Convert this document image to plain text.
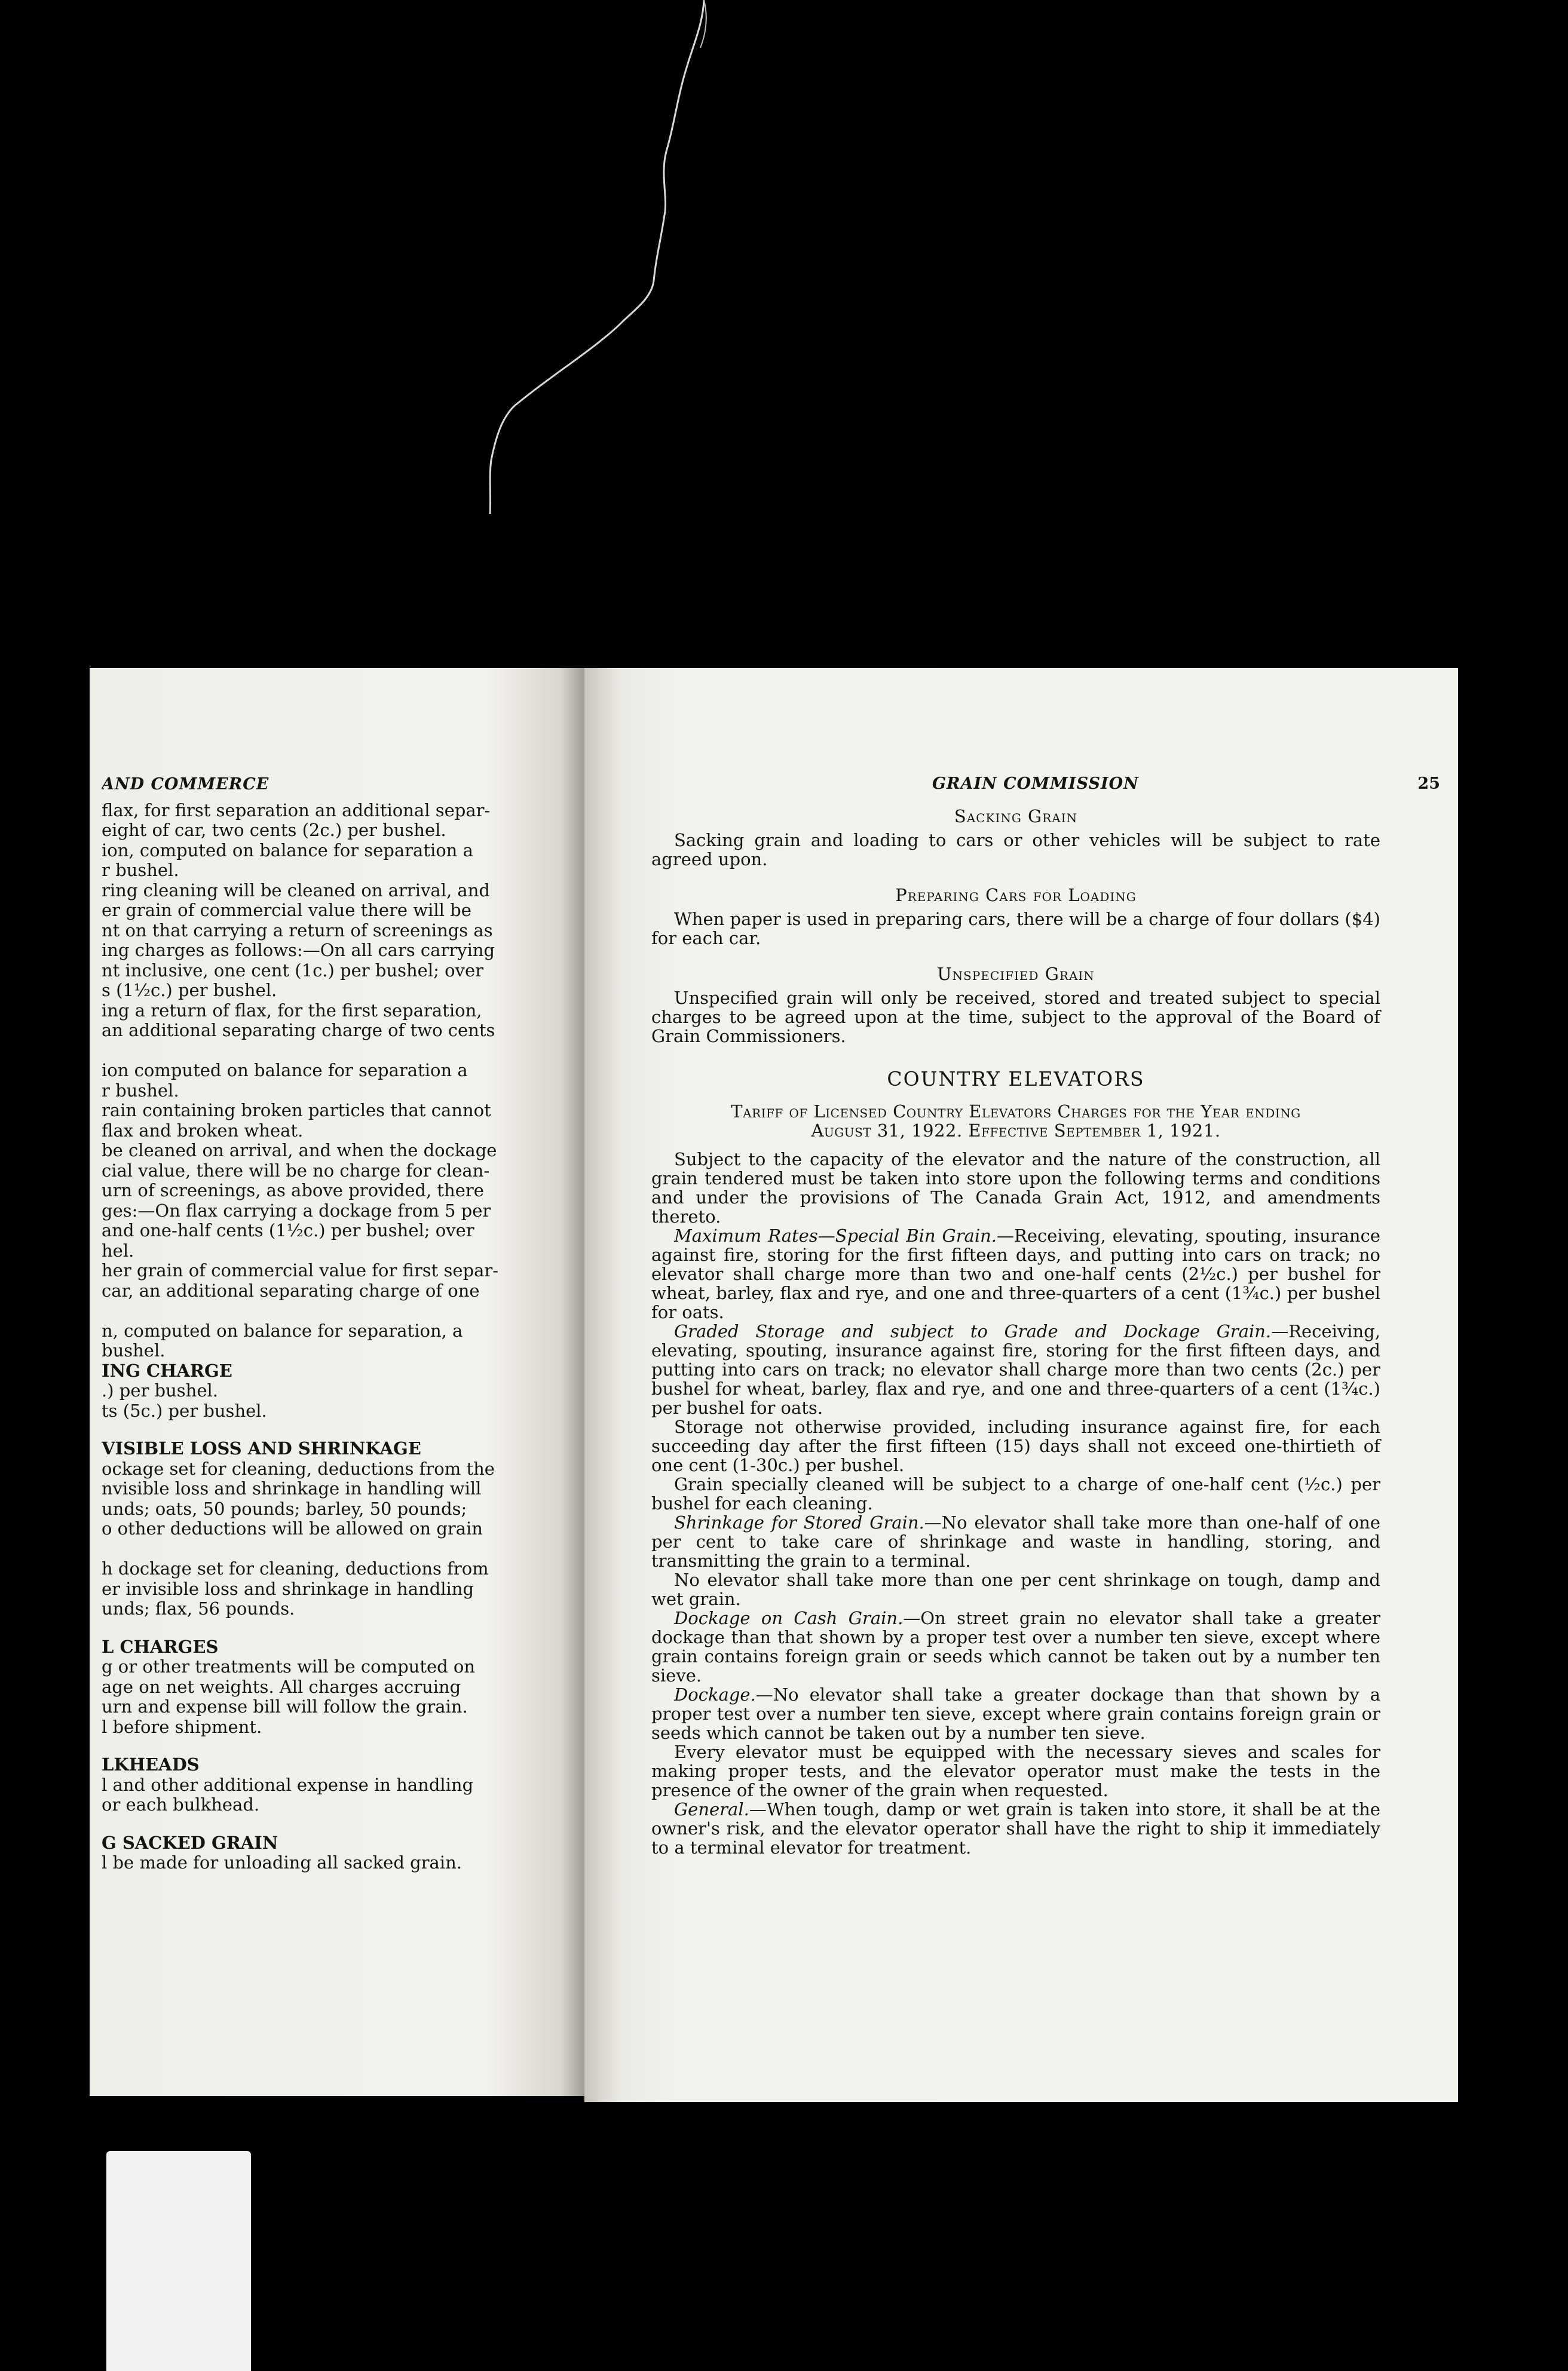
AND COMMERCE

flax, for first separation an additional separ-

eight of car, two cents (2c.) per bushel.

ion, computed on balance for separation a

r bushel.

ring cleaning will be cleaned on arrival, and

er grain of commercial value there will be

nt on that carrying a return of screenings as

ing charges as follows:—On all cars carrying

nt inclusive, one cent (1c.) per bushel; over

s (1½c.) per bushel.

ing a return of flax, for the first separation,

an additional separating charge of two cents

ion computed on balance for separation a

r bushel.

rain containing broken particles that cannot

flax and broken wheat.

be cleaned on arrival, and when the dockage

cial value, there will be no charge for clean-

urn of screenings, as above provided, there

ges:—On flax carrying a dockage from 5 per

and one-half cents (1½c.) per bushel; over

hel.

her grain of commercial value for first separ-

car, an additional separating charge of one

n, computed on balance for separation, a

bushel.

ING CHARGE

.) per bushel.

ts (5c.) per bushel.

VISIBLE LOSS AND SHRINKAGE

ockage set for cleaning, deductions from the

nvisible loss and shrinkage in handling will

unds; oats, 50 pounds; barley, 50 pounds;

o other deductions will be allowed on grain

h dockage set for cleaning, deductions from

er invisible loss and shrinkage in handling

unds; flax, 56 pounds.

L CHARGES

g or other treatments will be computed on

age on net weights. All charges accruing

urn and expense bill will follow the grain.

l before shipment.

LKHEADS

l and other additional expense in handling

or each bulkhead.

G SACKED GRAIN

l be made for unloading all sacked grain.

GRAIN COMMISSION	25
Sacking Grain

Sacking grain and loading to cars or other vehicles will be subject to rate agreed upon.

Preparing Cars for Loading

When paper is used in preparing cars, there will be a charge of four dollars ($4) for each car.

Unspecified Grain

Unspecified grain will only be received, stored and treated subject to special charges to be agreed upon at the time, subject to the approval of the Board of Grain Commissioners.

COUNTRY ELEVATORS

Tariff of Licensed Country Elevators Charges for the Year ending

August 31, 1922. Effective September 1, 1921.

Subject to the capacity of the elevator and the nature of the construction, all grain tendered must be taken into store upon the following terms and conditions and under the provisions of The Canada Grain Act, 1912, and amendments thereto.

Maximum Rates—Special Bin Grain.—Receiving, elevating, spouting, insurance against fire, storing for the first fifteen days, and putting into cars on track; no elevator shall charge more than two and one-half cents (2½c.) per bushel for wheat, barley, flax and rye, and one and three-quarters of a cent (1¾c.) per bushel for oats.

Graded Storage and subject to Grade and Dockage Grain.—Receiving, elevating, spouting, insurance against fire, storing for the first fifteen days, and putting into cars on track; no elevator shall charge more than two cents (2c.) per bushel for wheat, barley, flax and rye, and one and three-quarters of a cent (1¾c.) per bushel for oats.

Storage not otherwise provided, including insurance against fire, for each succeeding day after the first fifteen (15) days shall not exceed one-thirtieth of one cent (1-30c.) per bushel.

Grain specially cleaned will be subject to a charge of one-half cent (½c.) per bushel for each cleaning.

Shrinkage for Stored Grain.—No elevator shall take more than one-half of one per cent to take care of shrinkage and waste in handling, storing, and transmitting the grain to a terminal.

No elevator shall take more than one per cent shrinkage on tough, damp and wet grain.

Dockage on Cash Grain.—On street grain no elevator shall take a greater dockage than that shown by a proper test over a number ten sieve, except where grain contains foreign grain or seeds which cannot be taken out by a number ten sieve.

Dockage.—No elevator shall take a greater dockage than that shown by a proper test over a number ten sieve, except where grain contains foreign grain or seeds which cannot be taken out by a number ten sieve.

Every elevator must be equipped with the necessary sieves and scales for making proper tests, and the elevator operator must make the tests in the presence of the owner of the grain when requested.

General.—When tough, damp or wet grain is taken into store, it shall be at the owner's risk, and the elevator operator shall have the right to ship it immediately to a terminal elevator for treatment.
